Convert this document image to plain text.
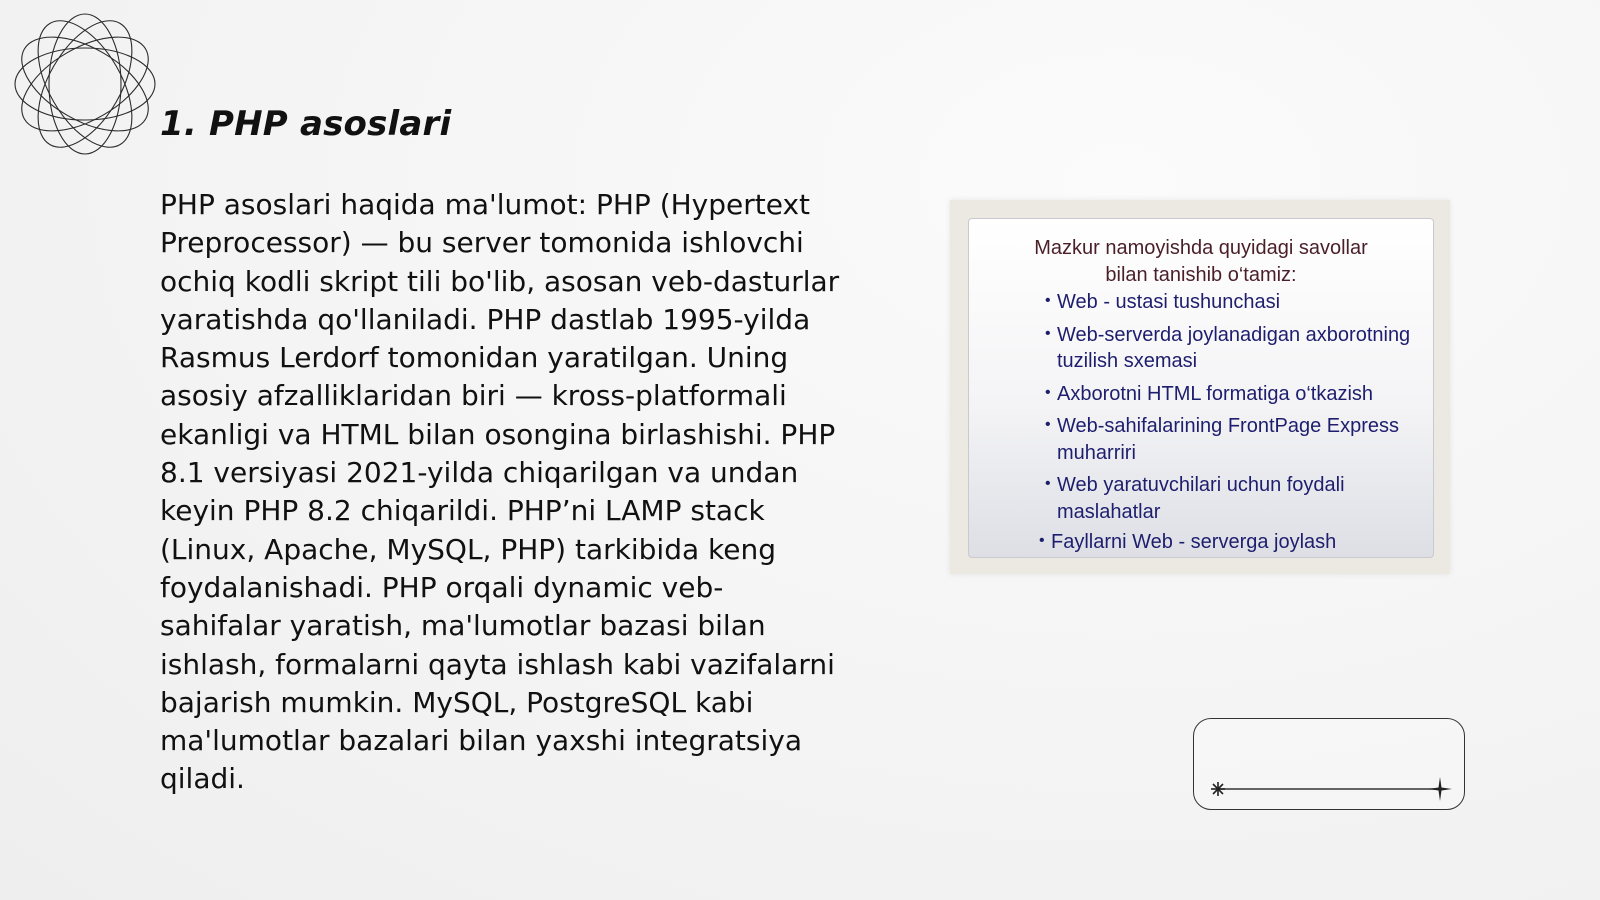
1. PHP asoslari

PHP asoslari haqida ma'lumot: PHP (Hypertext Preprocessor) — bu server tomonida ishlovchi ochiq kodli skript tili bo'lib, asosan veb-dasturlar yaratishda qo'llaniladi. PHP dastlab 1995-yilda Rasmus Lerdorf tomonidan yaratilgan. Uning asosiy afzalliklaridan biri — kross-platformali ekanligi va HTML bilan osongina birlashishi. PHP 8.1 versiyasi 2021-yilda chiqarilgan va undan keyin PHP 8.2 chiqarildi. PHP’ni LAMP stack (Linux, Apache, MySQL, PHP) tarkibida keng foydalanishadi. PHP orqali dynamic veb-sahifalar yaratish, ma'lumotlar bazasi bilan ishlash, formalarni qayta ishlash kabi vazifalarni bajarish mumkin. MySQL, PostgreSQL kabi ma'lumotlar bazalari bilan yaxshi integratsiya qiladi.

Mazkur namoyishda quyidagi savollar
bilan tanishib o‘tamiz:

• Web - ustasi tushunchasi
• Web-serverda joylanadigan axborotning tuzilish sxemasi
• Axborotni HTML formatiga o‘tkazish
• Web-sahifalarining FrontPage Express muharriri
• Web yaratuvchilari uchun foydali maslahatlar
• Fayllarni Web - serverga joylash
